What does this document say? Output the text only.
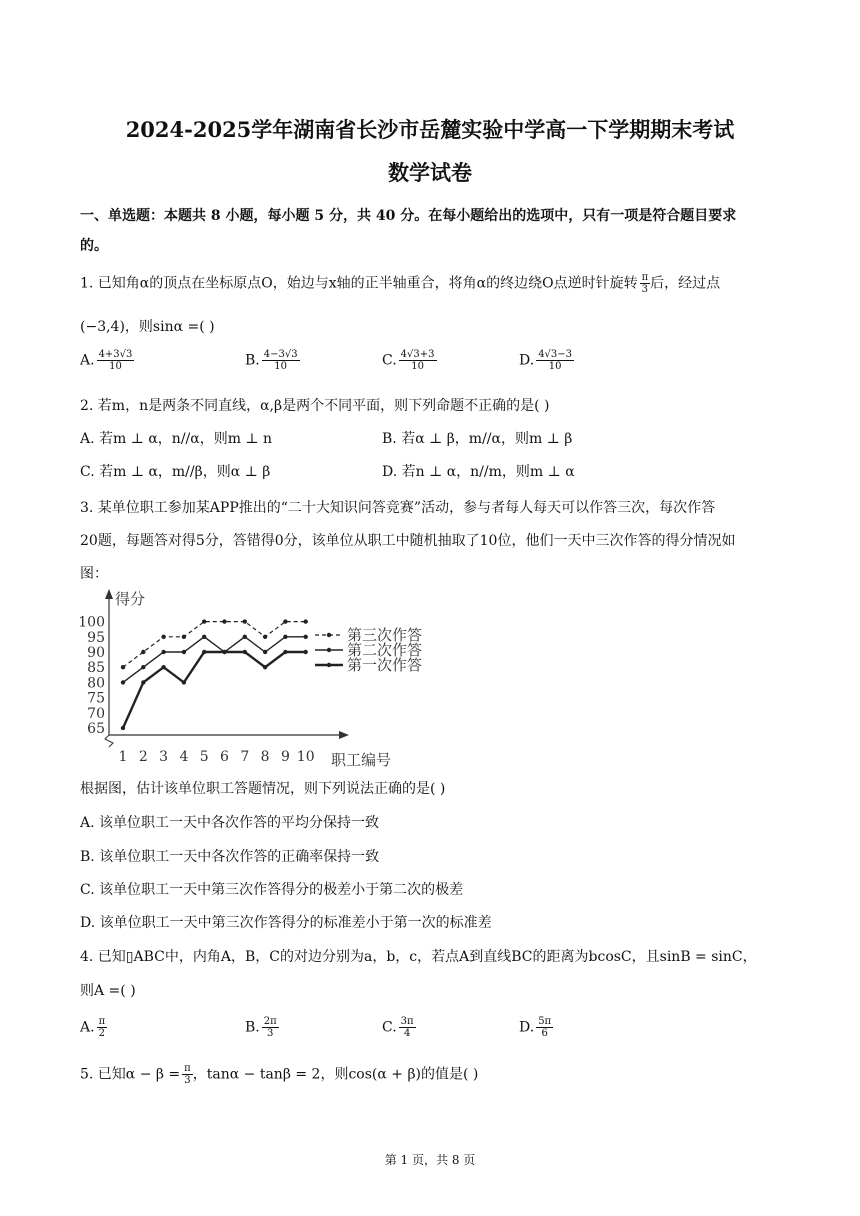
2024-2025学年湖南省长沙市岳麓实验中学高一下学期期末考试
数学试卷
一、单选题：本题共 8 小题，每小题 5 分，共 40 分。在每小题给出的选项中，只有一项是符合题目要求
的。
1. 已知角α的顶点在坐标原点O，始边与x轴的正半轴重合，将角α的终边绕O点逆时针旋转 $\frac{\pi}{3}$ 后，经过点
(−3,4)，则sinα =( )
A. $\frac{4+3√3}{10}$	B. $\frac{4-3√3}{10}$	C. $\frac{4√3+3}{10}$	D. $\frac{4√3-3}{10}$
2. 若m，n是两条不同直线，α,β是两个不同平面，则下列命题不正确的是( )
A. 若m ⊥ α，n//α，则m ⊥ n	B. 若α ⊥ β，m//α，则m ⊥ β
C. 若m ⊥ α，m//β，则α ⊥ β	D. 若n ⊥ α，n//m，则m ⊥ α
3. 某单位职工参加某APP推出的“二十大知识问答竞赛”活动，参与者每人每天可以作答三次，每次作答
20题，每题答对得5分，答错得0分，该单位从职工中随机抽取了10位，他们一天中三次作答的得分情况如
图：
得分
职工编号
65
70
75
80
85
90
95
100
1 2 3 4 5 6 7 8 9 10
第三次作答
第二次作答
第一次作答
根据图，估计该单位职工答题情况，则下列说法正确的是( )
A. 该单位职工一天中各次作答的平均分保持一致
B. 该单位职工一天中各次作答的正确率保持一致
C. 该单位职工一天中第三次作答得分的极差小于第二次的极差
D. 该单位职工一天中第三次作答得分的标准差小于第一次的标准差
4. 已知▯ABC中，内角A，B，C的对边分别为a，b，c，若点A到直线BC的距离为bcosC，且sinB = sinC，
则A =( )
A. $\frac{\pi}{2}$	B. $\frac{2\pi}{3}$	C. $\frac{3\pi}{4}$	D. $\frac{5\pi}{6}$
5. 已知$\alpha - \beta = \frac{\pi}{3}$ ，tanα − tanβ = 2，则cos(α + β)的值是( )
第 1 页，共 8 页
